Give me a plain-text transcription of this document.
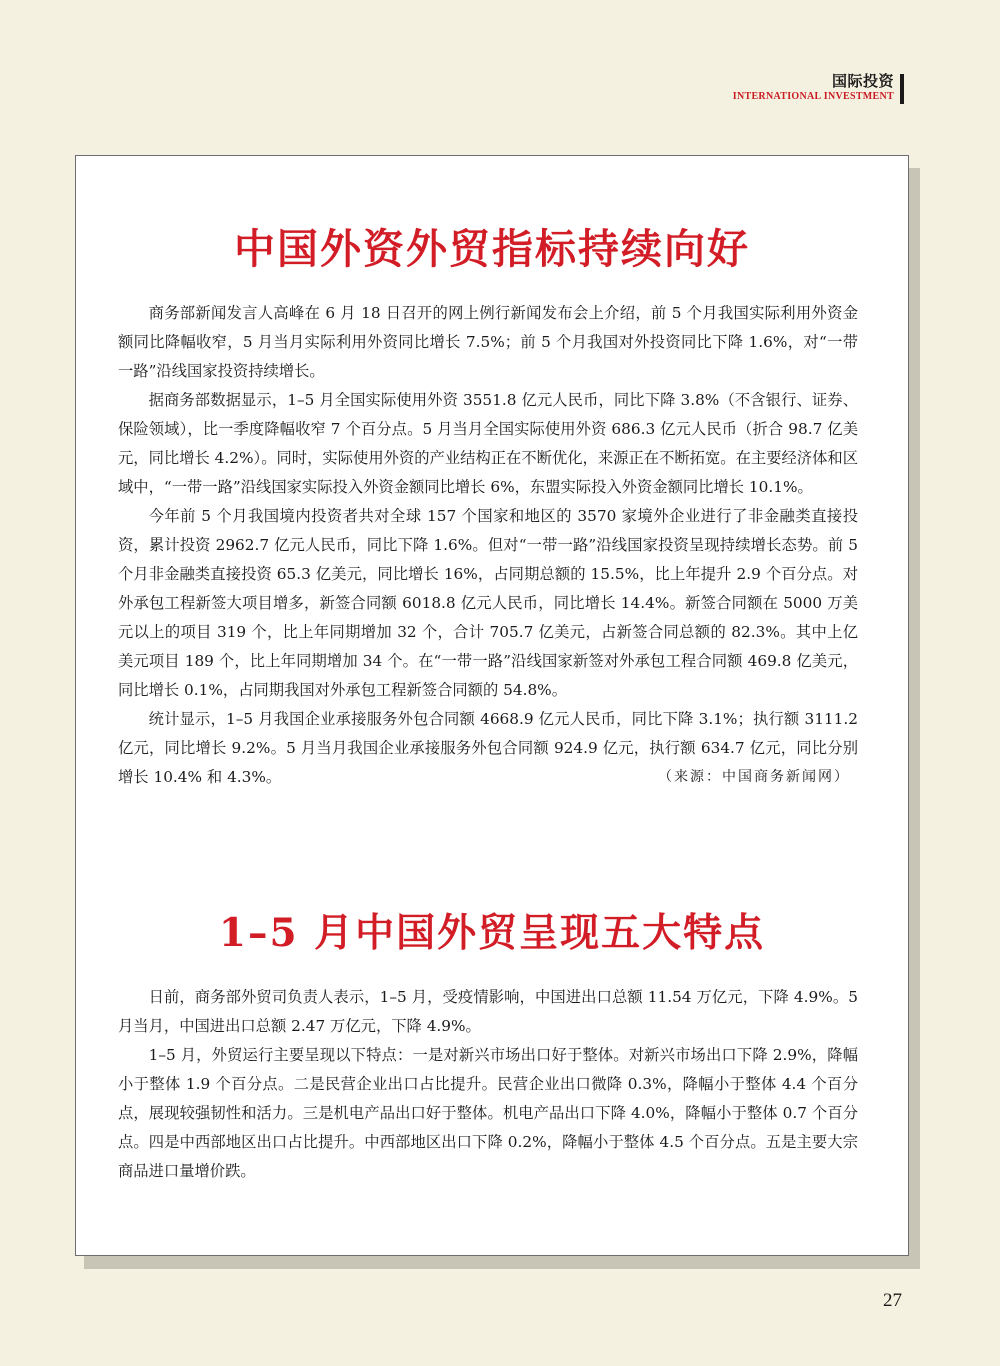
国际投资
INTERNATIONAL INVESTMENT
中国外资外贸指标持续向好

商务部新闻发言人高峰在 6 月 18 日召开的网上例行新闻发布会上介绍，前 5 个月我国实际利用外资金额同比降幅收窄，5 月当月实际利用外资同比增长 7.5%；前 5 个月我国对外投资同比下降 1.6%，对“一带一路”沿线国家投资持续增长。

据商务部数据显示，1–5 月全国实际使用外资 3551.8 亿元人民币，同比下降 3.8%（不含银行、证券、保险领域），比一季度降幅收窄 7 个百分点。5 月当月全国实际使用外资 686.3 亿元人民币（折合 98.7 亿美元，同比增长 4.2%）。同时，实际使用外资的产业结构正在不断优化，来源正在不断拓宽。在主要经济体和区域中，“一带一路”沿线国家实际投入外资金额同比增长 6%，东盟实际投入外资金额同比增长 10.1%。

今年前 5 个月我国境内投资者共对全球 157 个国家和地区的 3570 家境外企业进行了非金融类直接投资，累计投资 2962.7 亿元人民币，同比下降 1.6%。但对“一带一路”沿线国家投资呈现持续增长态势。前 5 个月非金融类直接投资 65.3 亿美元，同比增长 16%，占同期总额的 15.5%，比上年提升 2.9 个百分点。对外承包工程新签大项目增多，新签合同额 6018.8 亿元人民币，同比增长 14.4%。新签合同额在 5000 万美元以上的项目 319 个，比上年同期增加 32 个，合计 705.7 亿美元，占新签合同总额的 82.3%。其中上亿美元项目 189 个，比上年同期增加 34 个。在“一带一路”沿线国家新签对外承包工程合同额 469.8 亿美元，同比增长 0.1%，占同期我国对外承包工程新签合同额的 54.8%。

统计显示，1–5 月我国企业承接服务外包合同额 4668.9 亿元人民币，同比下降 3.1%；执行额 3111.2 亿元，同比增长 9.2%。5 月当月我国企业承接服务外包合同额 924.9 亿元，执行额 634.7 亿元，同比分别增长 10.4% 和 4.3%。	（来源：中国商务新闻网）
1–5 月中国外贸呈现五大特点

日前，商务部外贸司负责人表示，1–5 月，受疫情影响，中国进出口总额 11.54 万亿元，下降 4.9%。5 月当月，中国进出口总额 2.47 万亿元，下降 4.9%。

1–5 月，外贸运行主要呈现以下特点：一是对新兴市场出口好于整体。对新兴市场出口下降 2.9%，降幅小于整体 1.9 个百分点。二是民营企业出口占比提升。民营企业出口微降 0.3%，降幅小于整体 4.4 个百分点，展现较强韧性和活力。三是机电产品出口好于整体。机电产品出口下降 4.0%，降幅小于整体 0.7 个百分点。四是中西部地区出口占比提升。中西部地区出口下降 0.2%，降幅小于整体 4.5 个百分点。五是主要大宗商品进口量增价跌。

27
